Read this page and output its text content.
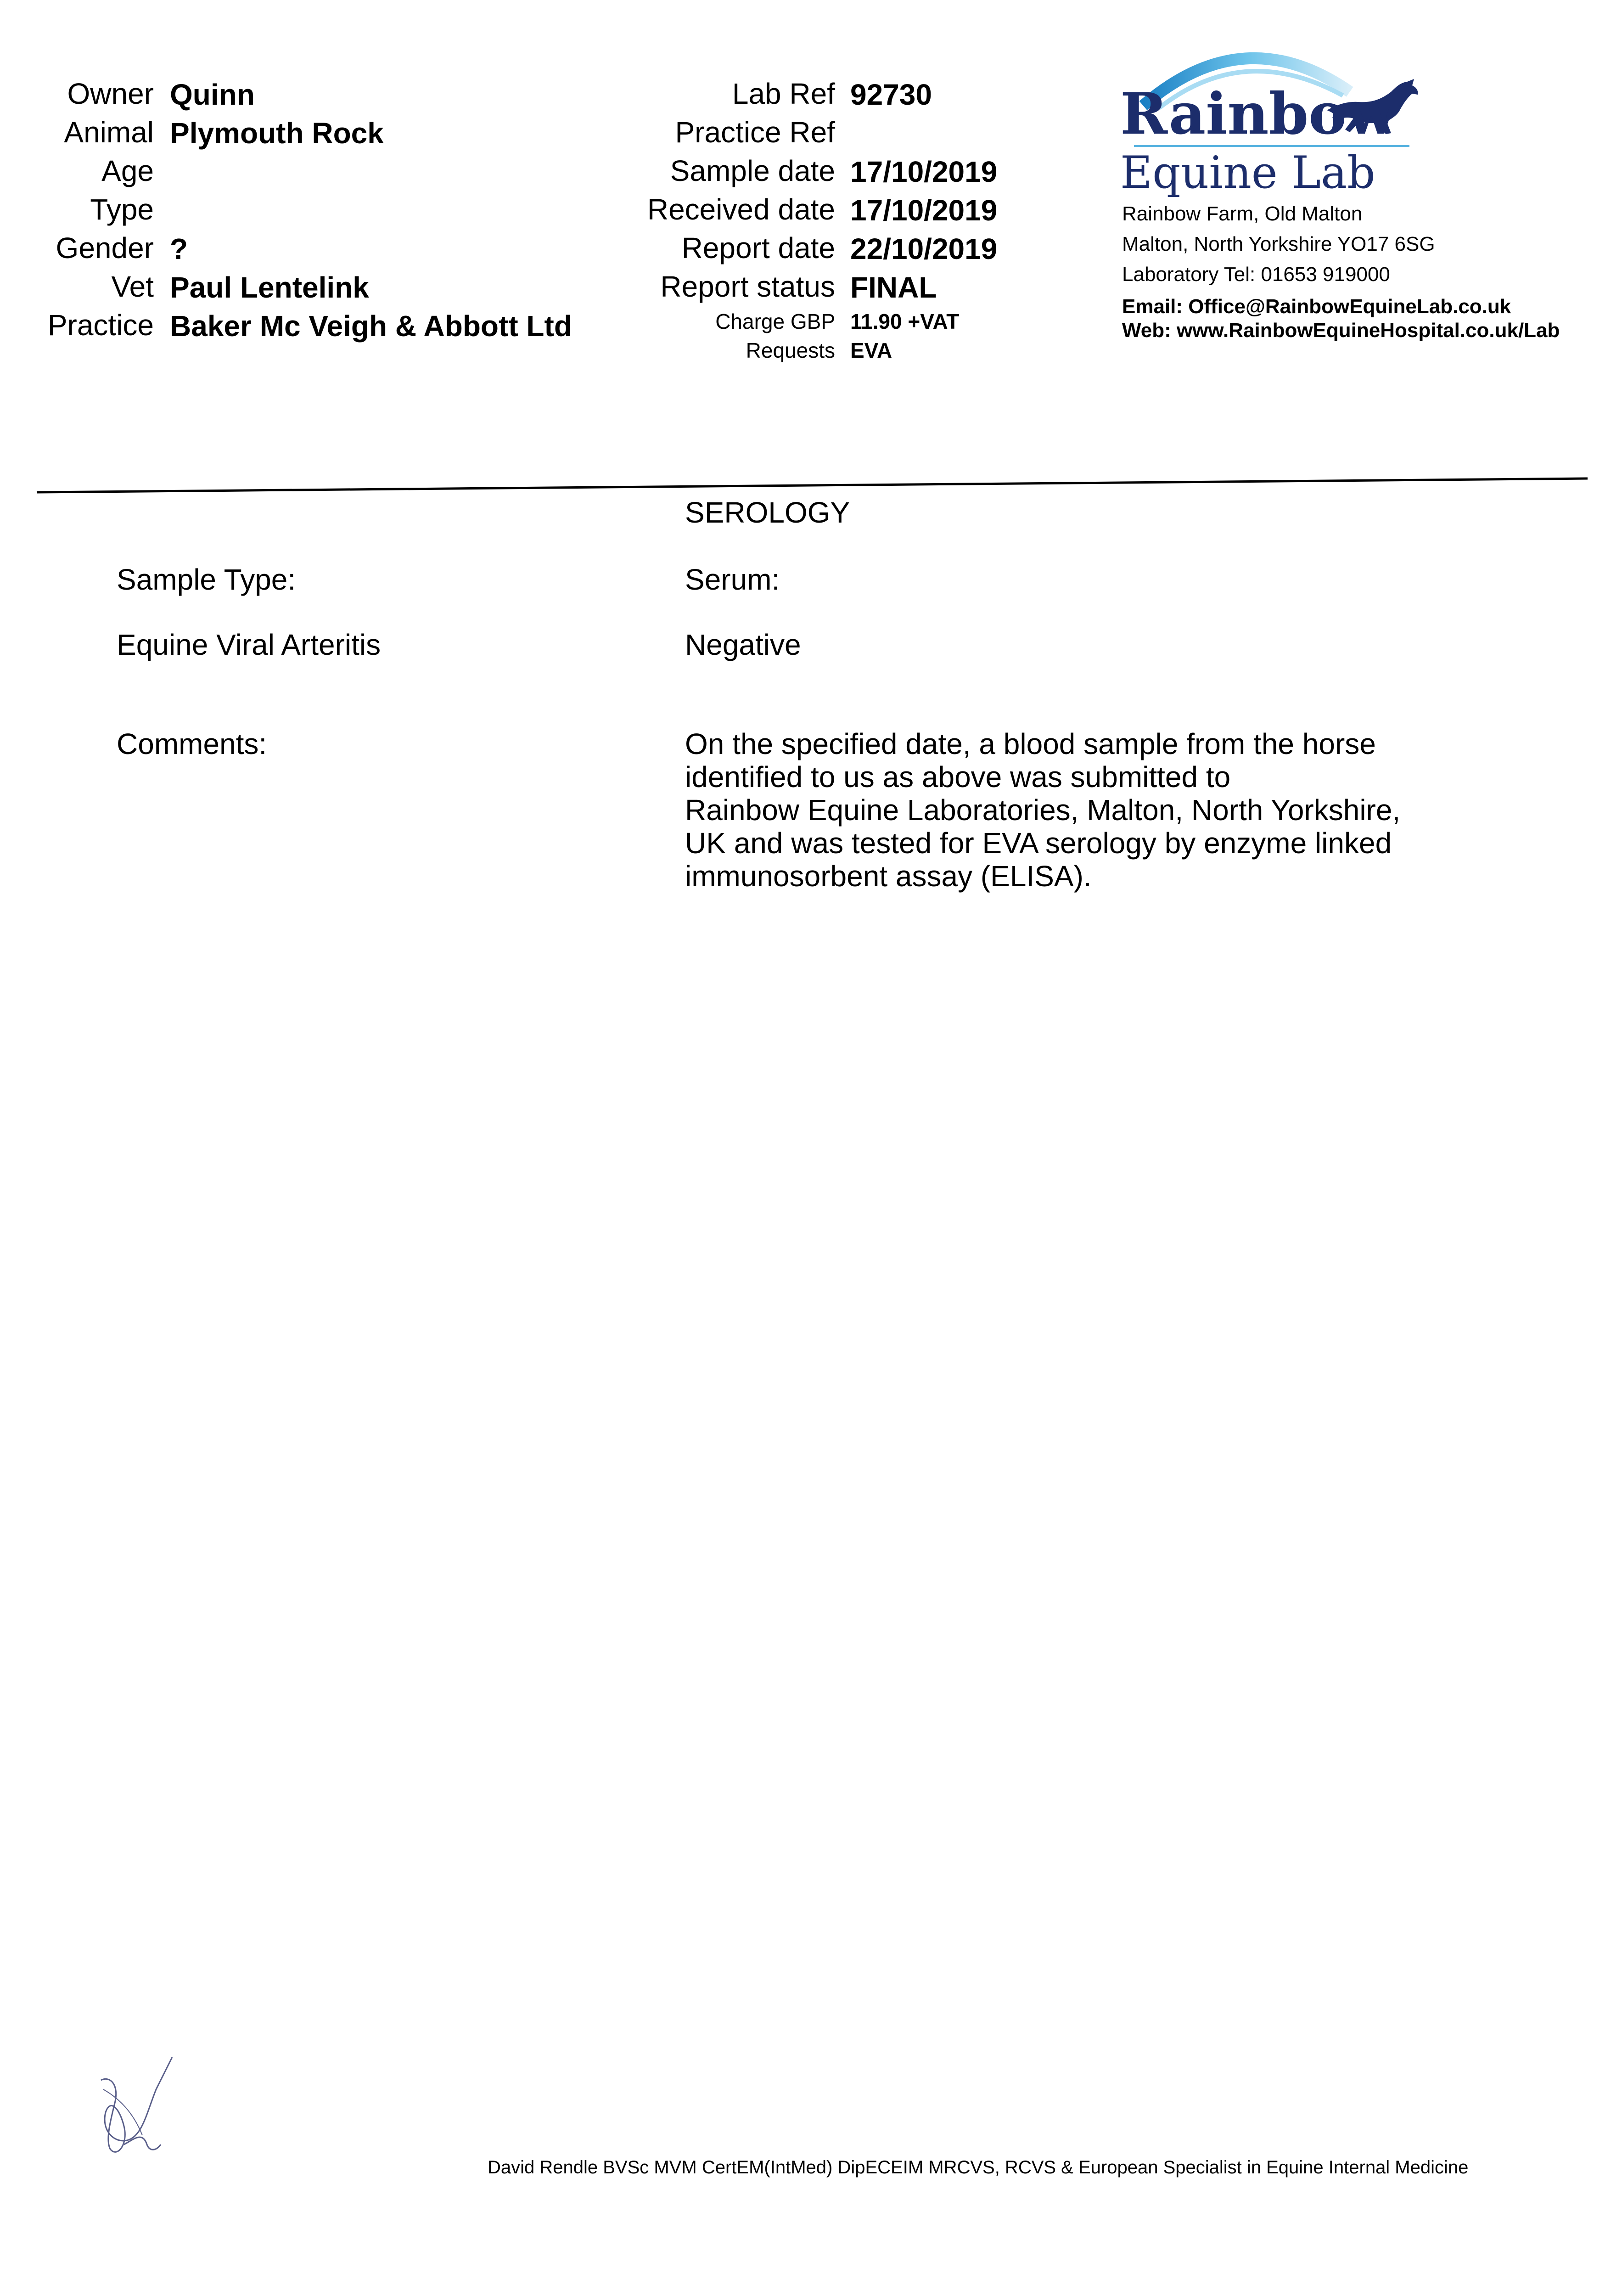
Owner Quinn
Animal Plymouth Rock
Age
Type
Gender ?
Vet Paul Lentelink
Practice Baker Mc Veigh & Abbott Ltd
Lab Ref 92730
Practice Ref
Sample date 17/10/2019
Received date 17/10/2019
Report date 22/10/2019
Report status FINAL
Charge GBP 11.90 +VAT
Requests EVA
Rainbow
Equine Lab
Rainbow Farm, Old Malton
Malton, North Yorkshire YO17 6SG
Laboratory Tel: 01653 919000
Email: Office@RainbowEquineLab.co.uk
Web: www.RainbowEquineHospital.co.uk/Lab
SEROLOGY
Sample Type:	Serum:
Equine Viral Arteritis	Negative
Comments:	On the specified date, a blood sample from the horse
identified to us as above was submitted to
Rainbow Equine Laboratories, Malton, North Yorkshire,
UK and was tested for EVA serology by enzyme linked
immunosorbent assay (ELISA).
David Rendle BVSc MVM CertEM(IntMed) DipECEIM MRCVS, RCVS & European Specialist in Equine Internal Medicine
